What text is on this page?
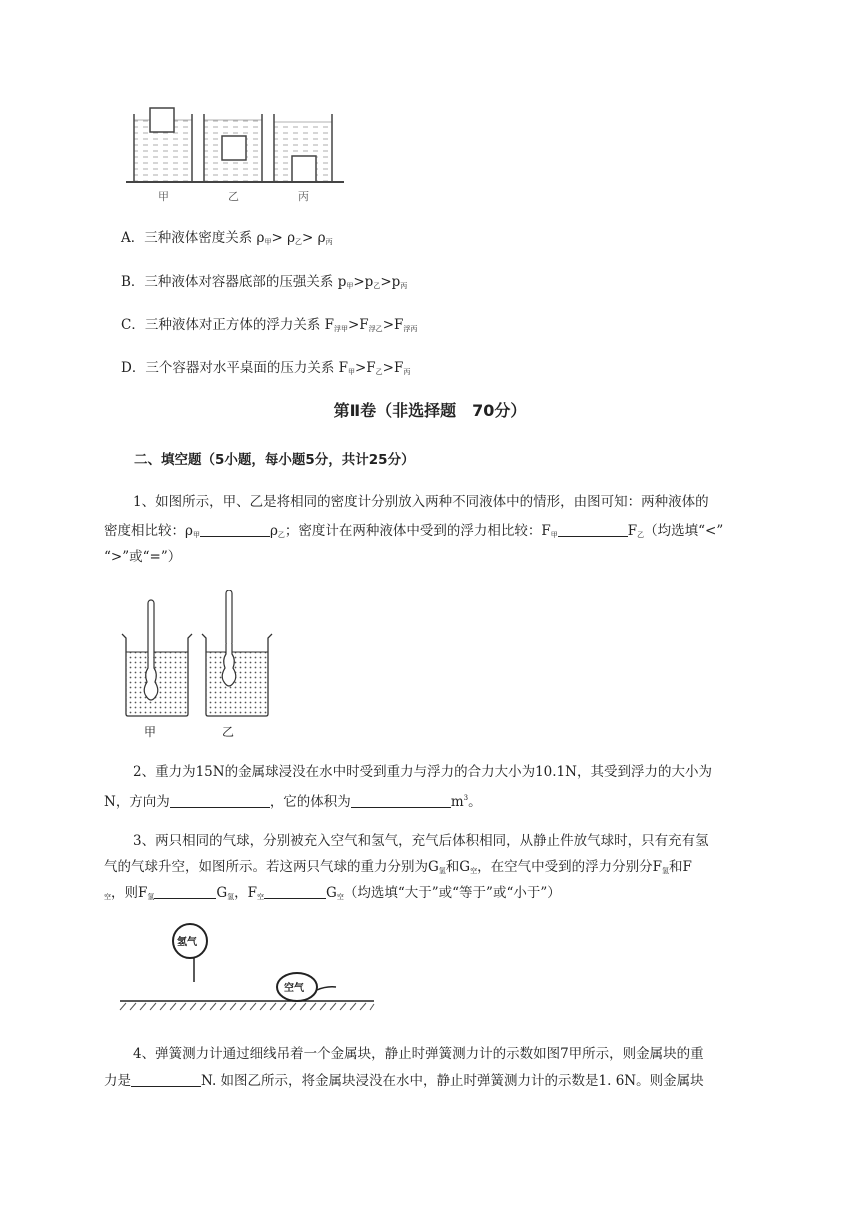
甲	乙	丙
A．三种液体密度关系 $\rho_甲> \rho_乙> \rho_丙$
B．三种液体对容器底部的压强关系 $p_甲>p_乙>p_丙$
C．三种液体对正方体的浮力关系 $F_{浮甲}>F_{浮乙}>F_{浮丙}$
D．三个容器对水平桌面的压力关系 $F_甲>F_乙>F_丙$
第Ⅱ卷（非选择题　70分）
二、填空题（5小题，每小题5分，共计25分）
1、如图所示，甲、乙是将相同的密度计分别放入两种不同液体中的情形，由图可知：两种液体的
密度相比较：$\rho_甲$	$\rho_乙$；密度计在两种液体中受到的浮力相比较：$F_甲$	$F_乙$（均选填“<”
“>”或“=”）
甲	乙
2、重力为15N的金属球浸没在水中时受到重力与浮力的合力大小为10.1N，其受到浮力的大小为
N，方向为	，它的体积为	$m^3$。
3、两只相同的气球，分别被充入空气和氢气，充气后体积相同，从静止件放气球时，只有充有氢
气的气球升空，如图所示。若这两只气球的重力分别为$G_氢$和$G_空$，在空气中受到的浮力分别分$F_氢$和F
$_空$，则$F_氢$	$G_氢$，$F_空$	$G_空$（均选填“大于”或“等于”或“小于”）
氢气
空气
4、弹簧测力计通过细线吊着一个金属块，静止时弹簧测力计的示数如图7甲所示，则金属块的重
力是	N. 如图乙所示，将金属块浸没在水中，静止时弹簧测力计的示数是1. 6N。则金属块
